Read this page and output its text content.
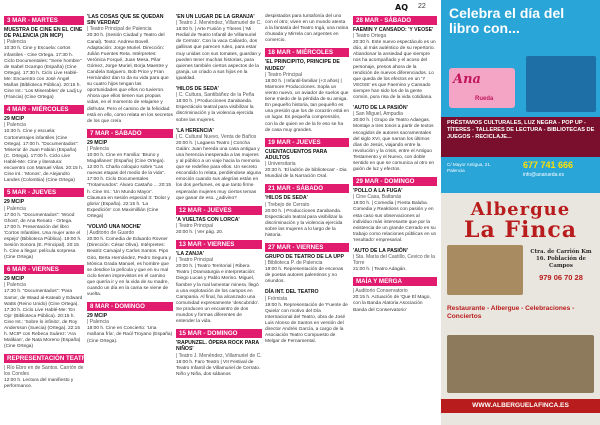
AQ 22
3 MAR - MARTES

MUESTRA DE CINE EN EL CINE DE PALENCIA (3N MCP)

| Palencia

10:30 h. Cine y Escuela: cortos infantiles - Cine Ortega. 17:30 h. Ciclo Documentales: "Serie hombre" de Isabel Ocampo (España) (Cine Ortega). 17:30 h. Ciclo Live Hablé-Me: Encuentro con José Ángel Mañas (Biblioteca Pública). 20:15 h. Cine Int.: 'Los Miserables' de Ladj Ly (Francia) (Cine Ortega)

4 MAR - MIÉRCOLES

29 MCIP

| Palencia

10:30 h. Cine y escuela: Cortometrajes infantiles (Cine Ortega). 17:00 h. "Documentados": 'Miseria' de Juan Fabián (España) (C. Ortega). 17:00 h. Ciclo Live Hablé-Me: Cine y literatura: encuentro con Manuel Vilas. 20:15 h. Cine int.: 'Monos', de Alejandro Landes (Colombia) (Cine Ortega)

5 MAR - JUEVES

29 MCIP

| Palencia

17:00 h. "Documentados": 'Wood Ghost', de Ana Renato - Ortega. 17:00 h. Presentación del libro 'Cortos Infantiles. Una mujer ante el espejo' (Biblioteca Pública). 19:00 h. Sesión Sonora (E. Principal). 20:15 h. Cine a llegar: película sorpresa (Cine Ortega)

6 MAR - VIERNES

29 MCIP

| Palencia

17:30 h. "Documentados": 'Para Sama', de Waad al-Kateab y Edward Watts (Reino Unido) (Cine Ortega). 17:30 h. Ciclo Live Hablé-Me: 'En Ojo' (Biblioteca Pública). 20:15 h. Cine Int.: 'Sobre lo infinito', de Roy Andersson (Suecia) (Ortega). 22:15 h. MCIP con Rebeca Suárez: 'Ara Malikian', de Nata Moreno (España) (Cine Ortega)

REPRESENTACIÓN TEATRALIZADA SOBRE LA IGUALDAD

| Río Ebro en de Santos. Carrión de los Condes

12:00 h. Lectura del manifiesto y performance.

'LAS COSAS QUE SE QUEDAN SIN VERDAD'

| Teatro Principal de Palencia

20:30 h. (Sesión Ciudad y Teatro del Canal). Texto: Andrew Bovell. Adaptación: Jorge Muriel. Dirección: Julián Fuentes Reta. Intérpretes: Verónica Forqué, Juan Mesa, Pilar Gómez, Jorge Muriel, Borja Maestre y Candela Salguero. Bob Price y Fran Hernández dan to da su vida para que su cuatro hijos tengan las oportunidades que ellos no tuvieron. Ahora que ellos tienen sus propias vidas, en el momento de relajarse y disfrutar. Pero el camino de la felicidad está en ello, como relata en los secretos de los que creía

7 MAR - SÁBADO

29 MCIP

| Palencia

10:00 h. Cine en Familia: 'Bruno y Magallanes' (España) (Cine Ortega). 12:00 h. Charla coloquio sobre "Las nuevas etapas del medio de la vida". 17:00 h. Ciclo Documentales 'Trotamundos': Álvaro Castaño ... 20:15 h. Cine Int.: 'Un Mundo Mayor'. Clausura en sesión especial 3: 'Dolor y gloria' (España). 22:15 h. 'La Expedición' con Maximillián (Cine Ortega)

'VOLVIÓ UNA NOCHE'

| Auditorio de Guardo

20:00 h. Comedia de Eduardo Rovner (Dirección: César Oliva). Intérpretes: Beatriz Carvajal y Carlos Santos. Pipo Giro, Berta Hernández, Pedro Segura y Mónica Grada Manuel, es hombre que se desdice la película y que en su mal ciclo tienen imprevistos en el camino que quería ir y en la vida de su madre, cuando un día en la cama se viene de vuelta.

8 MAR - DOMINGO

29 MCIP

| Palencia

18:00 h. Cine en Concierto: 'Una mañana fría', de Raúl Troyano (España) (Cine Ortega).

'EN UN LUGAR DE LA GRANJA'

| Teatro J. Menéndez, Villamuriel de C.

18:00 h. | Arte Fusión y Títeres | 'Mi Redial de Teatro Infantil de Villamuriel de Cerrato'. Con la vaca Caliardo, dos gallinas que parecen ruleo, para estar muy unidas con sus tomates, guardan y pueden tener muchas historias, para quienes también ciertos aspectos de la granja, un criado a sus hijos en la igualdad.

'HILOS DE SEDA'

| C. Cultura, Santibáñez de la Peña

18:00 h. | Producciones Zarabanda. Espectáculo teatral para visibilizar la discriminación y la violencia ejercida sobre las mujeres.

'LA HERENCIA'

| C. Cultural Nuevo, Venta de Baños

20:00 h. | Lagaera Teatro | Concha Galán: Juan hereda una casa antigua y una herencia inesperada a las mujeres y al público a un viaje hacia la memoria que se redefine para ellos. Un secreto escondido lo relata, perdiéndose alguna emoción cuando sus alegrías están en los dos perfumes, es que tanto firme esperarán mujeres muy ciertos temas que ganar de eso. ¿adivino?

12 MAR - JUEVES

'A VUELTAS CON LORCA'

| Teatro Principal

20:00 h. | Ver pág. 20.

13 MAR - VIERNES

'LA ZANJA'

| Teatro Principal

20:00 h. | Teatro Territorial | Ribera Teatro | Dramaturgia e interpretación: Diego Lucas y Pablo Merino. Miguel, fiambre y la mal lamentar minera. llegó a una explotación de los campos en Campania. Al final, ha alcanzado una comunidad expresamente 'descubrido'. Se producen un encuentro de dos mundos y formas diferentes de entender la vida.

15 MAR - DOMINGO

'RAPUNZEL. ÓPERA ROCK PARA NIÑOS'

| Teatro J. Menéndez, Villamuriel de C.

18:00 h. Faro Teatro | VII Festival de Teatro Infantil de Villamuriel de Cerrato. Niño y Niña, dos sábanos

despistados para tuntafonía del uno con el otro; viven en un mundo atenta a la fantasía del Teatro Ingá, una rutina chusada y Mirrela con argentes en comercio.

18 MAR - MIÉRCOLES

'EL PRINCIPITO, PRINCIPE DE NUDEO'

| Teatro Principal

18:00 h. | Infantil-familiar (+3 años) | Marmore Producciones. Sopla un viento nuevo, un aviador de suelos que tiene miedo de la pérdida de su amiga. En pequeño historia, tan pequeño es una presión que los de corazón está en un lugar. Es pequeña comprensión, con la de quien ve de la fe eso se ha de casa muy grandes.

19 MAR - JUEVES

CUENTACUENTOS PARA ADULTOS

| Universitaria

20:30 h. 'El ladrón de bibliotecas' - Dia Mundial de la Narración Oral.

21 MAR - SÁBADO

'HILOS DE SEDA'

| Trebejo de Cerrato

20:00 h. | Producciones Zarabanda. Espectáculo teatral para visibilizar la discriminación y la violencia ejercida sobre las mujeres a lo largo de la historia.

27 MAR - VIERNES

GRUPO DE TEATRO DE LA UPP

| Biblioteca P. de Palencia

19:00 h. Representación de escenas de poetas autores palentinos y no oriundos.

DÍA INT. DEL TEATRO

| Frómista

19:00 h. Representación de 'Fuente de Quiela' con motivo del Día Internacional del Teatro, obra de José Luis Alonso de Santos en versión del director Andrés García, a cargo de la Asociación Teatro Compuesto de Melgar de Fernamental.

Celebra el día del libro con...
Ana
Rueda
PRÉSTAMOS CULTURALES, LUZ NEGRA - POP UP - TÍTERES - TALLERES DE LECTURA - BIBLIOTECAS DE JUEGOS - RECICLAJE...
C/ Mayor Antigua, 21. Palencia
677 741 666
info@anarueda.es
Albergue
La Finca
Ctra. de Carrión Km 16. Población de Campos
979 06 70 28
Restaurante - Albergue - Celebraciones - Conciertos
WWW.ALBERGUELAFINCA.ES
28 MAR - SÁBADO

FAEMIN Y CANSADO: 'Y VEOSE'

| Teatro Ortega

20:30 h. Este nuevo espectáculo es un dúo, al más auténtico de su repertorio. Abandonar la ansiedad que siempre nos ha acompañado y el acoso del personaje, presos ahora de la rendición de nuevos diferenciados. Lo que queda de los efectos en un 'Y VEOSE' es que Faemino y Cansado siempre han sido los de la gente común, pura risa de la vida cotidiana.

'AUTO DE LA PASIÓN'

| San Miguel, Ampudia

20:00 h. | Grupo de Teatro Adaegas. Montaje a tres tonos a partir de textos escogidos de autores sacramentales del siglo XVI, que narran los últimos días de Jesús, viajando entre la revolución y la crisis, entre el Antiguo Testamento y el Nuevo, con doble sentido en que se comunica al otro en guión de luz y efectos.

29 MAR - DOMINGO

'POLLO A LA FUGA'

| Cine Casa, Baltanás

19:00 h. | Comedia | Fiesta Baluba. Comedia y Reaktions con pasión y en esta caso sus observaciones al individuo más interesante que por la existencia de un grande Cerrado en su trabajo como relaciones públicas en un 'resultado' empresarial.

'AUTO DE LA PASIÓN'

| Sta. María del Castillo, Cevico de la Torre

21:00 h. | Teatro Adagán.

MAÍA Y MERGA

| Auditorio Conservatorio

20:15 h. Actuación de 'Que El Mago, con la Banda Alatoria Asociación Banda del Conservatorio'
